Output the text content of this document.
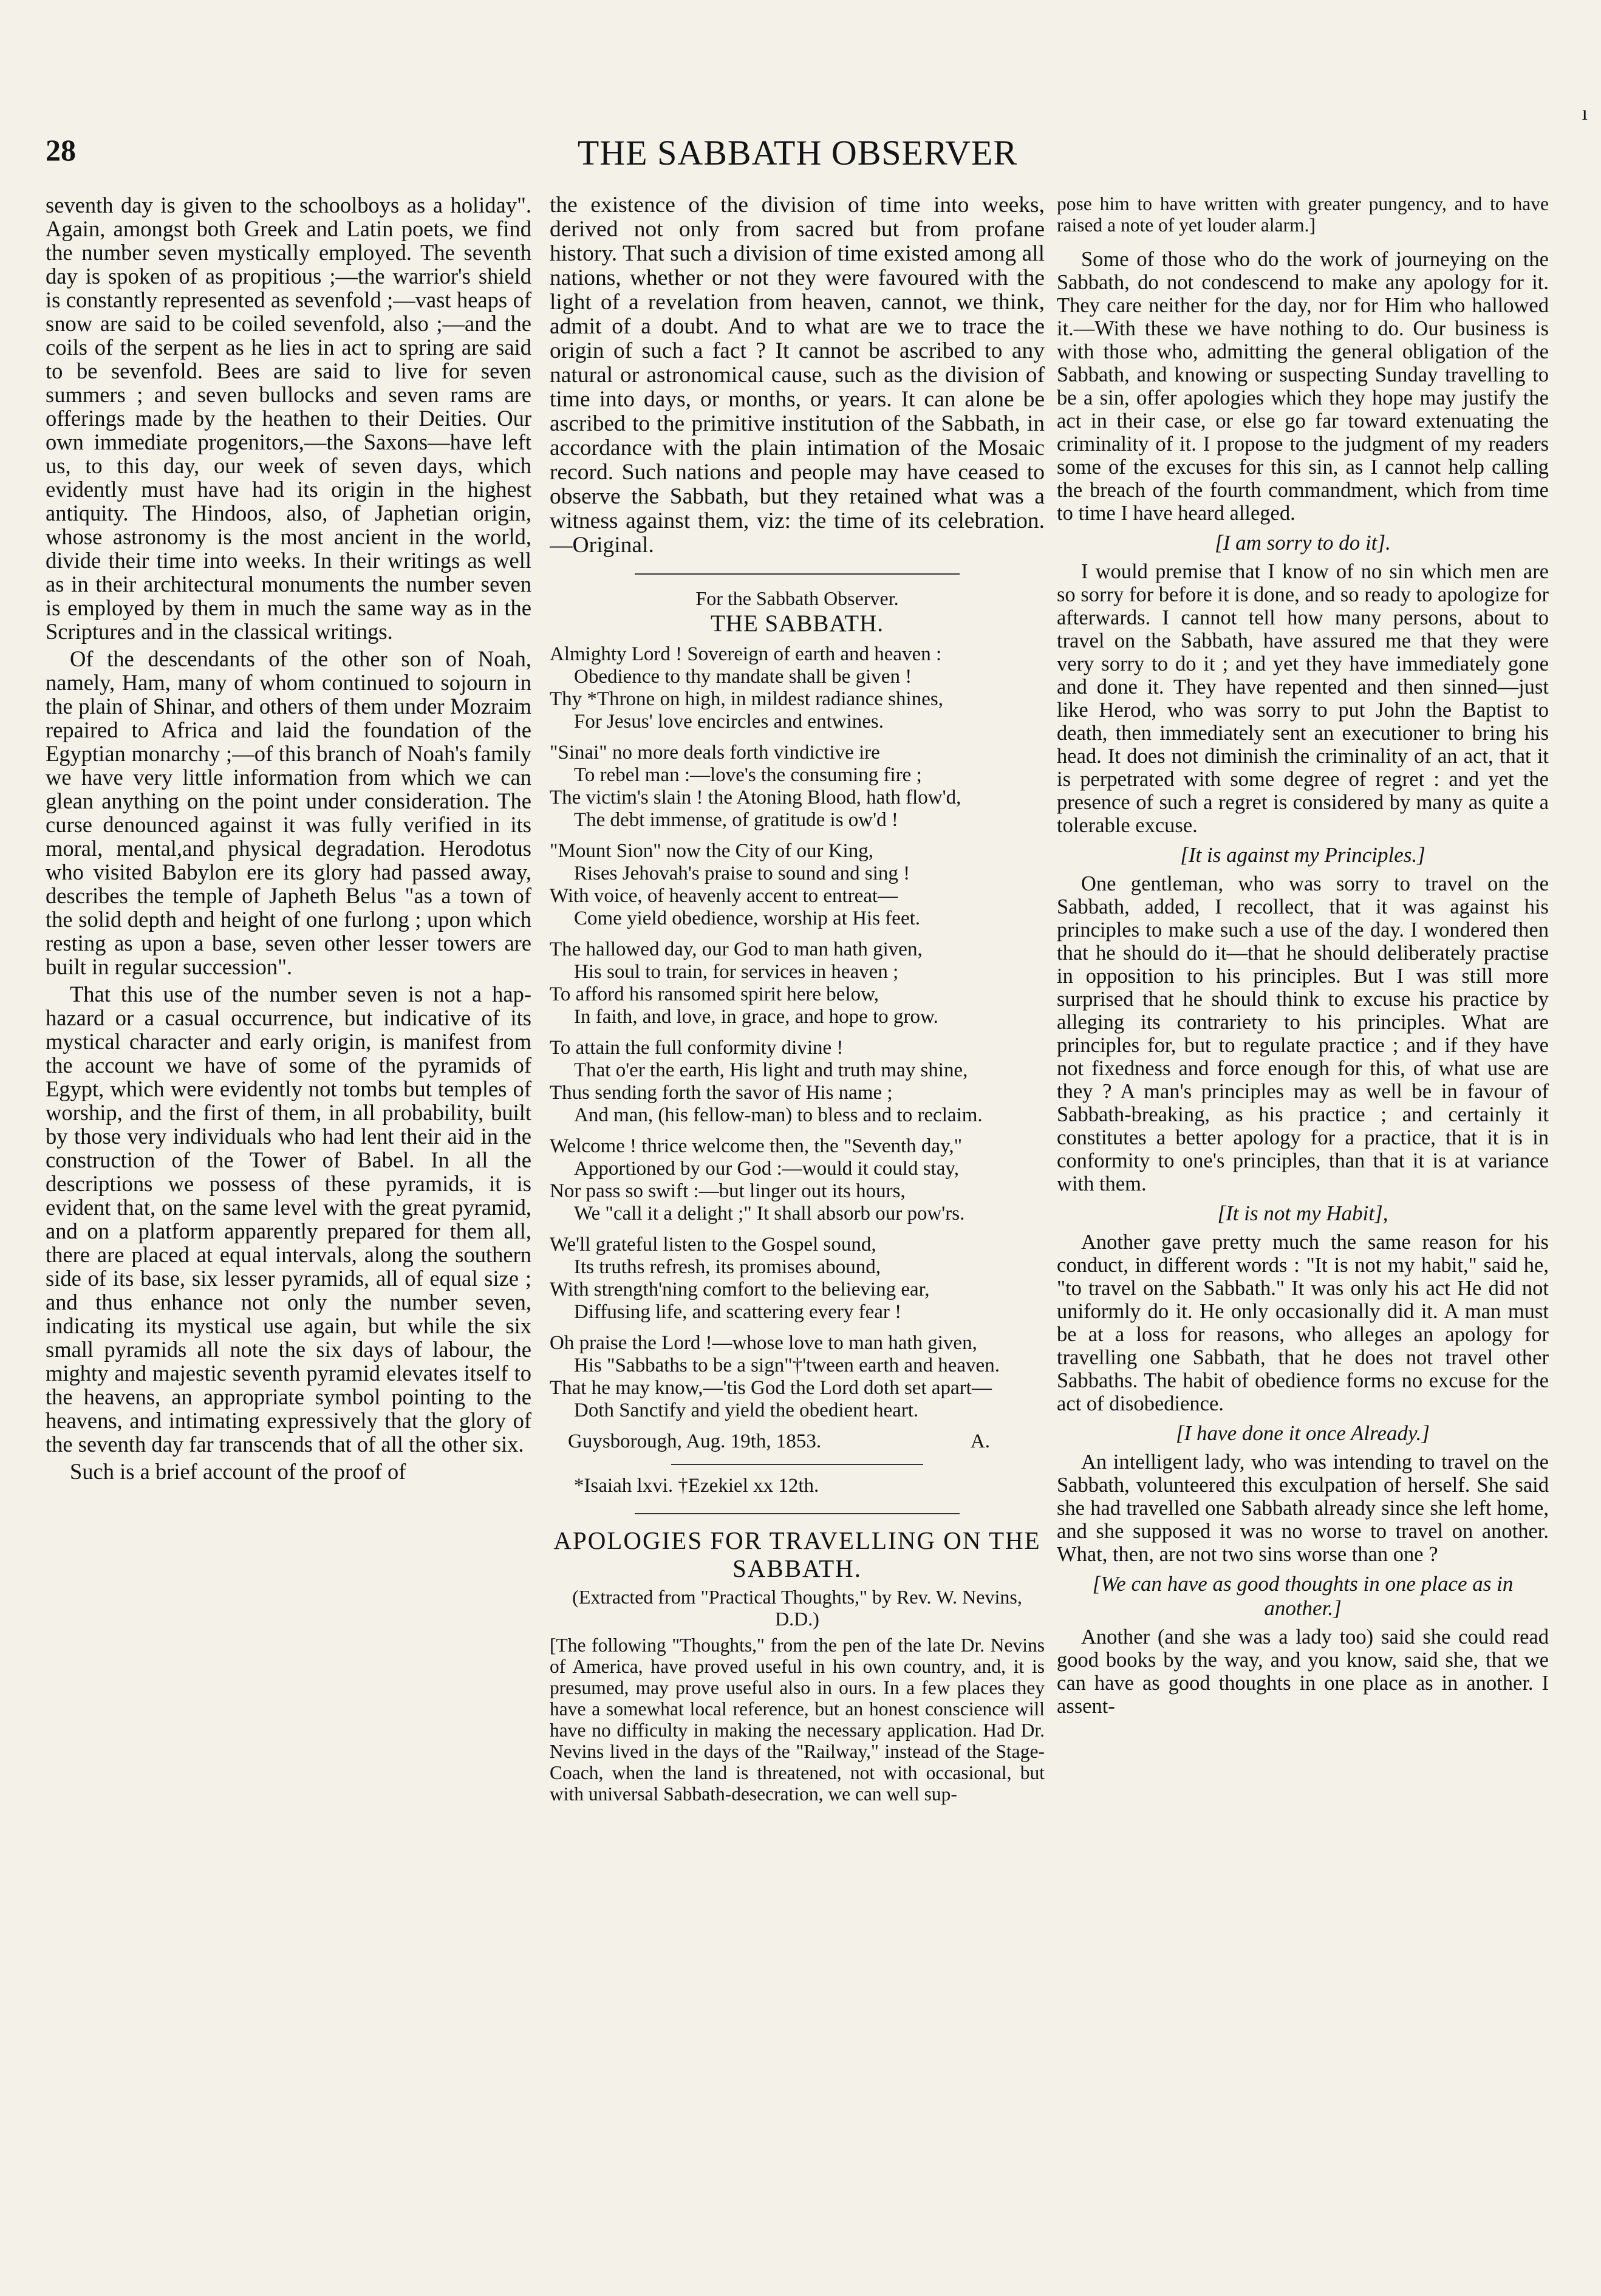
ı
28	THE SABBATH OBSERVER

seventh day is given to the schoolboys as a holiday". Again, amongst both Greek and Latin poets, we find the number seven mystically employed. The seventh day is spoken of as propitious ;—the warrior's shield is constantly represented as sevenfold ;—vast heaps of snow are said to be coiled sevenfold, also ;—and the coils of the serpent as he lies in act to spring are said to be sevenfold. Bees are said to live for seven summers ; and seven bullocks and seven rams are offerings made by the heathen to their Deities. Our own immediate progenitors,—the Saxons—have left us, to this day, our week of seven days, which evidently must have had its origin in the highest antiquity. The Hindoos, also, of Japhetian origin, whose astronomy is the most ancient in the world, divide their time into weeks. In their writings as well as in their architectural monuments the number seven is employed by them in much the same way as in the Scriptures and in the classical writings.

Of the descendants of the other son of Noah, namely, Ham, many of whom continued to sojourn in the plain of Shinar, and others of them under Mozraim repaired to Africa and laid the foundation of the Egyptian monarchy ;—of this branch of Noah's family we have very little information from which we can glean anything on the point under consideration. The curse denounced against it was fully verified in its moral, mental,and physical degradation. Herodotus who visited Babylon ere its glory had passed away, describes the temple of Japheth Belus "as a town of the solid depth and height of one furlong ; upon which resting as upon a base, seven other lesser towers are built in regular succession".

That this use of the number seven is not a hap-hazard or a casual occurrence, but indicative of its mystical character and early origin, is manifest from the account we have of some of the pyramids of Egypt, which were evidently not tombs but temples of worship, and the first of them, in all probability, built by those very individuals who had lent their aid in the construction of the Tower of Babel. In all the descriptions we possess of these pyramids, it is evident that, on the same level with the great pyramid, and on a platform apparently prepared for them all, there are placed at equal intervals, along the southern side of its base, six lesser pyramids, all of equal size ; and thus enhance not only the number seven, indicating its mystical use again, but while the six small pyramids all note the six days of labour, the mighty and majestic seventh pyramid elevates itself to the heavens, an appropriate symbol pointing to the heavens, and intimating expressively that the glory of the seventh day far transcends that of all the other six.

Such is a brief account of the proof of

the existence of the division of time into weeks, derived not only from sacred but from profane history. That such a division of time existed among all nations, whether or not they were favoured with the light of a revelation from heaven, cannot, we think, admit of a doubt. And to what are we to trace the origin of such a fact ? It cannot be ascribed to any natural or astronomical cause, such as the division of time into days, or months, or years. It can alone be ascribed to the primitive institution of the Sabbath, in accordance with the plain intimation of the Mosaic record. Such nations and people may have ceased to observe the Sabbath, but they retained what was a witness against them, viz: the time of its celebration.—Original.

For the Sabbath Observer.
THE SABBATH.
Almighty Lord ! Sovereign of earth and heaven :
Obedience to thy mandate shall be given !
Thy *Throne on high, in mildest radiance shines,
For Jesus' love encircles and entwines.
"Sinai" no more deals forth vindictive ire
To rebel man :—love's the consuming fire ;
The victim's slain ! the Atoning Blood, hath flow'd,
The debt immense, of gratitude is ow'd !
"Mount Sion" now the City of our King,
Rises Jehovah's praise to sound and sing !
With voice, of heavenly accent to entreat—
Come yield obedience, worship at His feet.
The hallowed day, our God to man hath given,
His soul to train, for services in heaven ;
To afford his ransomed spirit here below,
In faith, and love, in grace, and hope to grow.
To attain the full conformity divine !
That o'er the earth, His light and truth may shine,
Thus sending forth the savor of His name ;
And man, (his fellow-man) to bless and to reclaim.
Welcome ! thrice welcome then, the "Seventh day,"
Apportioned by our God :—would it could stay,
Nor pass so swift :—but linger out its hours,
We "call it a delight ;" It shall absorb our pow'rs.
We'll grateful listen to the Gospel sound,
Its truths refresh, its promises abound,
With strength'ning comfort to the believing ear,
Diffusing life, and scattering every fear !
Oh praise the Lord !—whose love to man hath given,
His "Sabbaths to be a sign"†'tween earth and heaven.
That he may know,—'tis God the Lord doth set apart—
Doth Sanctify and yield the obedient heart.
Guysborough, Aug. 19th, 1853.	A.
*Isaiah lxvi. †Ezekiel xx 12th.
APOLOGIES FOR TRAVELLING ON THE SABBATH.
(Extracted from "Practical Thoughts," by Rev. W. Nevins, D.D.)
[The following "Thoughts," from the pen of the late Dr. Nevins of America, have proved useful in his own country, and, it is presumed, may prove useful also in ours. In a few places they have a somewhat local reference, but an honest conscience will have no difficulty in making the necessary application. Had Dr. Nevins lived in the days of the "Railway," instead of the Stage-Coach, when the land is threatened, not with occasional, but with universal Sabbath-desecration, we can well sup-

pose him to have written with greater pungency, and to have raised a note of yet louder alarm.]

Some of those who do the work of journeying on the Sabbath, do not condescend to make any apology for it. They care neither for the day, nor for Him who hallowed it.—With these we have nothing to do. Our business is with those who, admitting the general obligation of the Sabbath, and knowing or suspecting Sunday travelling to be a sin, offer apologies which they hope may justify the act in their case, or else go far toward extenuating the criminality of it. I propose to the judgment of my readers some of the excuses for this sin, as I cannot help calling the breach of the fourth commandment, which from time to time I have heard alleged.

[I am sorry to do it].

I would premise that I know of no sin which men are so sorry for before it is done, and so ready to apologize for afterwards. I cannot tell how many persons, about to travel on the Sabbath, have assured me that they were very sorry to do it ; and yet they have immediately gone and done it. They have repented and then sinned—just like Herod, who was sorry to put John the Baptist to death, then immediately sent an executioner to bring his head. It does not diminish the criminality of an act, that it is perpetrated with some degree of regret : and yet the presence of such a regret is considered by many as quite a tolerable excuse.

[It is against my Principles.]

One gentleman, who was sorry to travel on the Sabbath, added, I recollect, that it was against his principles to make such a use of the day. I wondered then that he should do it—that he should deliberately practise in opposition to his principles. But I was still more surprised that he should think to excuse his practice by alleging its contrariety to his principles. What are principles for, but to regulate practice ; and if they have not fixedness and force enough for this, of what use are they ? A man's principles may as well be in favour of Sabbath-breaking, as his practice ; and certainly it constitutes a better apology for a practice, that it is in conformity to one's principles, than that it is at variance with them.

[It is not my Habit],

Another gave pretty much the same reason for his conduct, in different words : "It is not my habit," said he, "to travel on the Sabbath." It was only his act He did not uniformly do it. He only occasionally did it. A man must be at a loss for reasons, who alleges an apology for travelling one Sabbath, that he does not travel other Sabbaths. The habit of obedience forms no excuse for the act of disobedience.

[I have done it once Already.]

An intelligent lady, who was intending to travel on the Sabbath, volunteered this exculpation of herself. She said she had travelled one Sabbath already since she left home, and she supposed it was no worse to travel on another. What, then, are not two sins worse than one ?

[We can have as good thoughts in one place as in another.]

Another (and she was a lady too) said she could read good books by the way, and you know, said she, that we can have as good thoughts in one place as in another. I assent-
